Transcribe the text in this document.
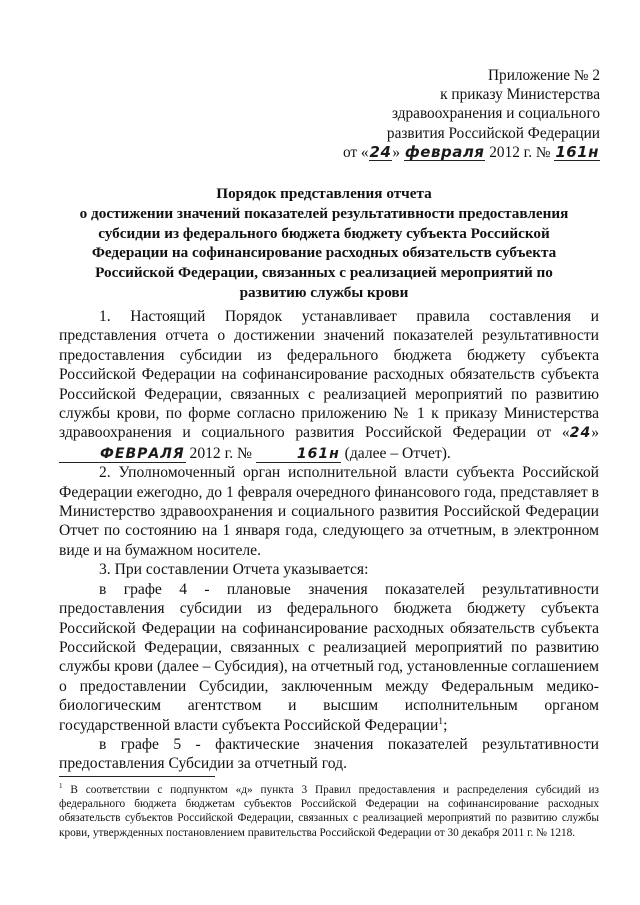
Приложение № 2
к приказу Министерства
здравоохранения и социального
развития Российской Федерации
от «24» февраля 2012 г. № 161н
Порядок представления отчета
о достижении значений показателей результативности предоставления
субсидии из федерального бюджета бюджету субъекта Российской
Федерации на софинансирование расходных обязательств субъекта
Российской Федерации, связанных с реализацией мероприятий по
развитию службы крови

1. Настоящий Порядок устанавливает правила составления и представления отчета о достижении значений показателей результативности предоставления субсидии из федерального бюджета бюджету субъекта Российской Федерации на софинансирование расходных обязательств субъекта Российской Федерации, связанных с реализацией мероприятий по развитию службы крови, по форме согласно приложению № 1 к приказу Министерства здравоохранения и социального развития Российской Федерации от «24» ФЕВРАЛЯ 2012 г. №	161н (далее – Отчет).

2. Уполномоченный орган исполнительной власти субъекта Российской Федерации ежегодно, до 1 февраля очередного финансового года, представляет в Министерство здравоохранения и социального развития Российской Федерации Отчет по состоянию на 1 января года, следующего за отчетным, в электронном виде и на бумажном носителе.

3. При составлении Отчета указывается:

в графе 4 - плановые значения показателей результативности предоставления субсидии из федерального бюджета бюджету субъекта Российской Федерации на софинансирование расходных обязательств субъекта Российской Федерации, связанных с реализацией мероприятий по развитию службы крови (далее – Субсидия), на отчетный год, установленные соглашением о предоставлении Субсидии, заключенным между Федеральным медико-биологическим агентством и высшим исполнительным органом государственной власти субъекта Российской Федерации$^1$;

в графе 5 - фактические значения показателей результативности предоставления Субсидии за отчетный год.

$^1$ В соответствии с подпунктом «д» пункта 3 Правил предоставления и распределения субсидий из федерального бюджета бюджетам субъектов Российской Федерации на софинансирование расходных обязательств субъектов Российской Федерации, связанных с реализацией мероприятий по развитию службы крови, утвержденных постановлением правительства Российской Федерации от 30 декабря 2011 г. № 1218.
